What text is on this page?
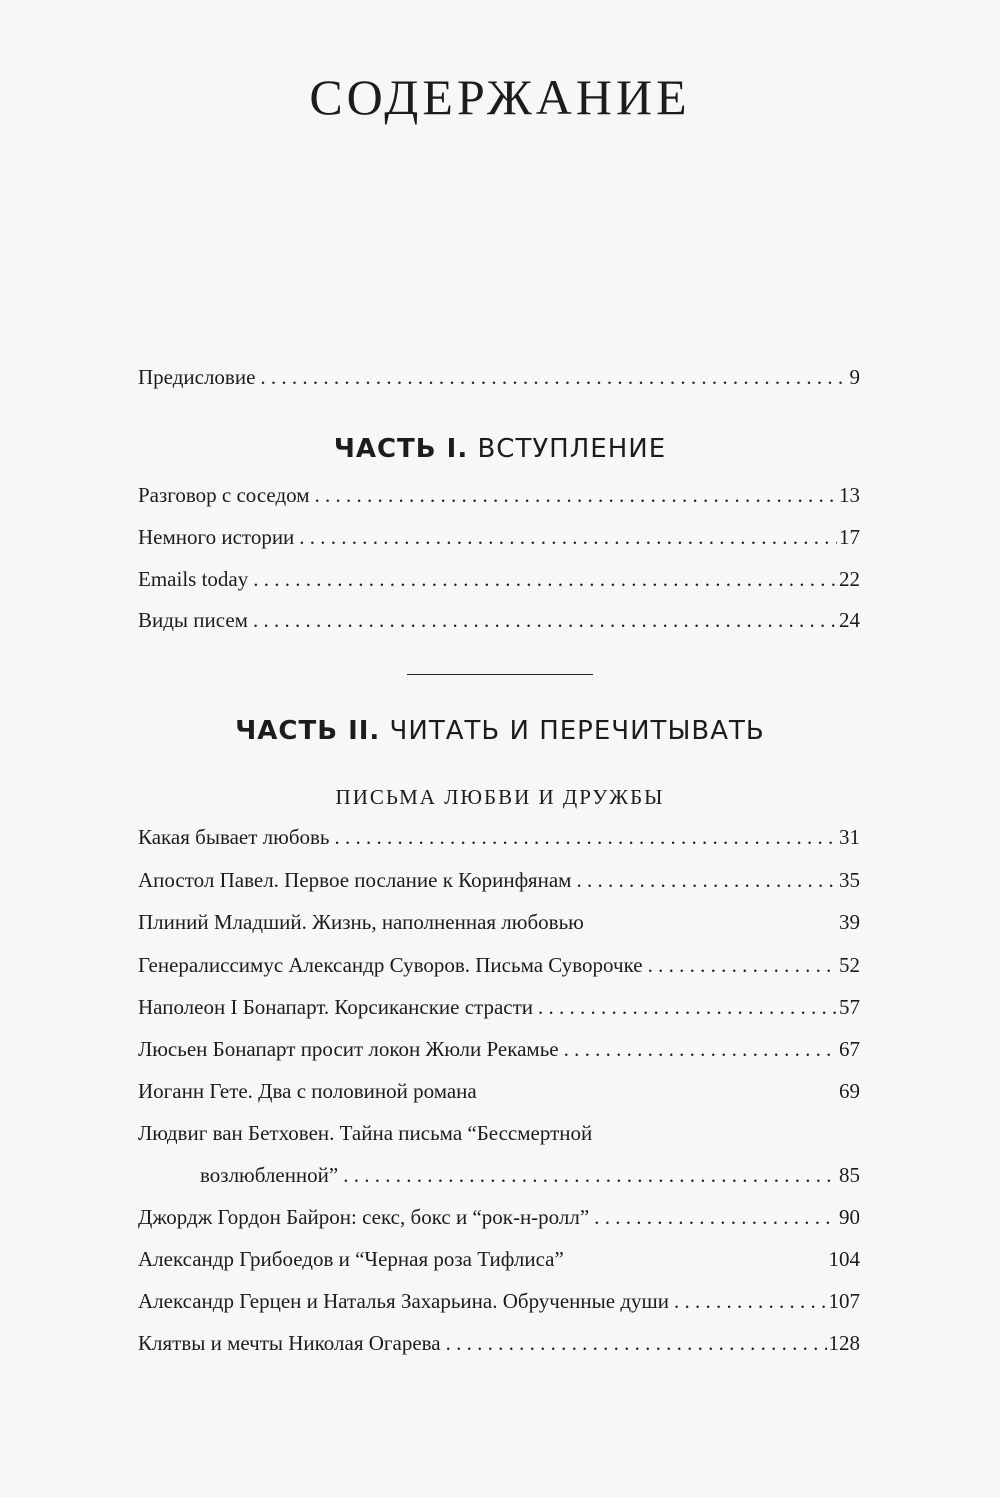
СОДЕРЖАНИЕ
Предисловие . . .	9
ЧАСТЬ I. ВСТУПЛЕНИЕ
Разговор с соседом . . .	13
Немного истории . . .	17
Emails today . . .	22
Виды писем . . .	24
ЧАСТЬ II. ЧИТАТЬ И ПЕРЕЧИТЫВАТЬ
ПИСЬМА ЛЮБВИ И ДРУЖБЫ
Какая бывает любовь . . .	31
Апостол Павел. Первое послание к Коринфянам . . .	35
Плиний Младший. Жизнь, наполненная любовью	39
Генералиссимус Александр Суворов. Письма Суворочке . . .	52
Наполеон I Бонапарт. Корсиканские страсти . . .	57
Люсьен Бонапарт просит локон Жюли Рекамье . . .	67
Иоганн Гете. Два с половиной романа	69
Людвиг ван Бетховен. Тайна письма “Бессмертной
возлюбленной” . . .	85
Джордж Гордон Байрон: секс, бокс и “рок-н-ролл” . . .	90
Александр Грибоедов и “Черная роза Тифлиса”	104
Александр Герцен и Наталья Захарьина. Обрученные души . . .	107
Клятвы и мечты Николая Огарева . . .	128
